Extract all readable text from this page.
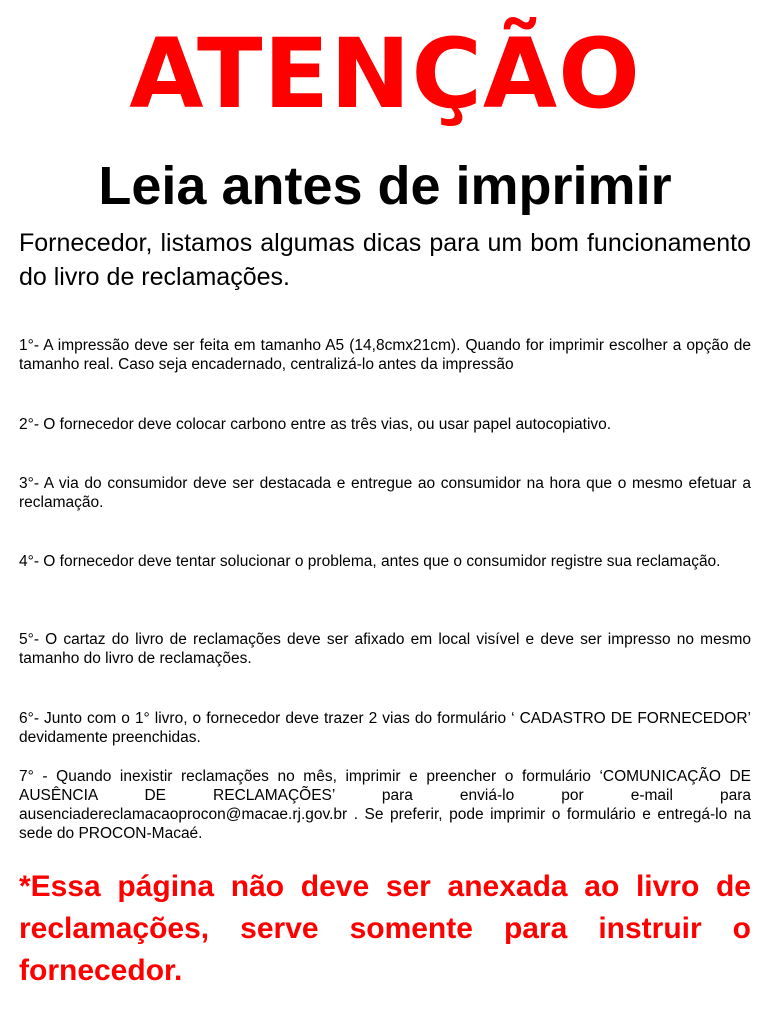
ATENÇÃO
Leia antes de imprimir
Fornecedor, listamos algumas dicas para um bom funcionamento do livro de reclamações.
1°- A impressão deve ser feita em tamanho A5 (14,8cmx21cm). Quando for imprimir escolher a opção de tamanho real. Caso seja encadernado, centralizá-lo antes da impressão
2°- O fornecedor deve colocar carbono entre as três vias, ou usar papel autocopiativo.
3°- A via do consumidor deve ser destacada e entregue ao consumidor na hora que o mesmo efetuar a reclamação.
4°- O fornecedor deve tentar solucionar o problema, antes que o consumidor registre sua reclamação.
5°- O cartaz do livro de reclamações deve ser afixado em local visível e deve ser impresso no mesmo tamanho do livro de reclamações.
6°- Junto com o 1° livro, o fornecedor deve trazer 2 vias do formulário ‘ CADASTRO DE FORNECEDOR’ devidamente preenchidas.
7° - Quando inexistir reclamações no mês, imprimir e preencher o formulário ‘COMUNICAÇÃO DE AUSÊNCIA DE RECLAMAÇÕES’ para enviá-lo por e-mail para ausenciadereclamacaoprocon@macae.rj.gov.br . Se preferir, pode imprimir o formulário e entregá-lo na sede do PROCON-Macaé.
*Essa página não deve ser anexada ao livro de reclamações, serve somente para instruir o fornecedor.
